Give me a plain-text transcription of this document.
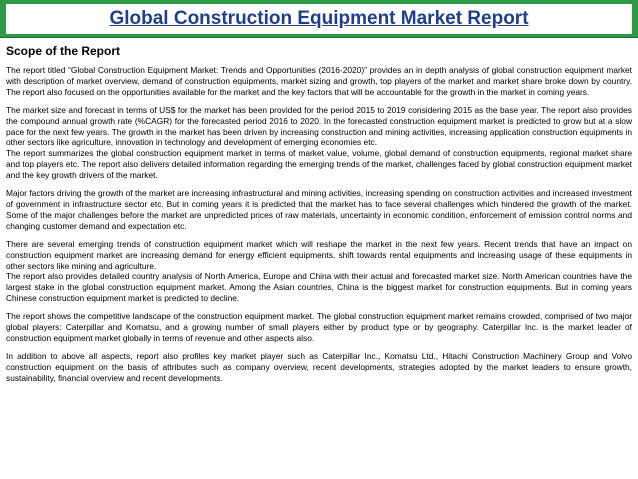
Global Construction Equipment Market Report
Scope of the Report

The report titled “Global Construction Equipment Market: Trends and Opportunities (2016-2020)” provides an in depth analysis of global construction equipment market with description of market overview, demand of construction equipments, market sizing and growth, top players of the market and market share broke down by country. The report also focused on the opportunities available for the market and the key factors that will be accountable for the growth in the market in coming years.

The market size and forecast in terms of US$ for the market has been provided for the period 2015 to 2019 considering 2015 as the base year. The report also provides the compound annual growth rate (%CAGR) for the forecasted period 2016 to 2020. In the forecasted construction equipment market is predicted to grow but at a slow pace for the next few years. The growth in the market has been driven by increasing construction and mining activities, increasing application construction equipments in other sectors like agriculture, innovation in technology and development of emerging economies etc.

The report summarizes the global construction equipment market in terms of market value, volume, global demand of construction equipments, regional market share and top players etc. The report also delivers detailed information regarding the emerging trends of the market, challenges faced by global construction equipment market and the key growth drivers of the market.

Major factors driving the growth of the market are increasing infrastructural and mining activities, increasing spending on construction activities and increased investment of government in infrastructure sector etc. But in coming years it is predicted that the market has to face several challenges which hindered the growth of the market. Some of the major challenges before the market are unpredicted prices of raw materials, uncertainty in economic condition, enforcement of emission control norms and changing customer demand and expectation etc.

There are several emerging trends of construction equipment market which will reshape the market in the next few years. Recent trends that have an impact on construction equipment market are increasing demand for energy efficient equipments, shift towards rental equipments and increasing usage of these equipments in other sectors like mining and agriculture.

The report also provides detailed country analysis of North America, Europe and China with their actual and forecasted market size. North American countries have the largest stake in the global construction equipment market. Among the Asian countries, China is the biggest market for construction equipments. But in coming years Chinese construction equipment market is predicted to decline.

The report shows the competitive landscape of the construction equipment market. The global construction equipment market remains crowded, comprised of two major global players: Caterpillar and Komatsu, and a growing number of small players either by product type or by geography. Caterpillar Inc. is the market leader of construction equipment market globally in terms of revenue and other aspects also.

In addition to above all aspects, report also profiles key market player such as Caterpillar Inc., Komatsu Ltd., Hitachi Construction Machinery Group and Volvo construction equipment on the basis of attributes such as company overview, recent developments, strategies adopted by the market leaders to ensure growth, sustainability, financial overview and recent developments.
